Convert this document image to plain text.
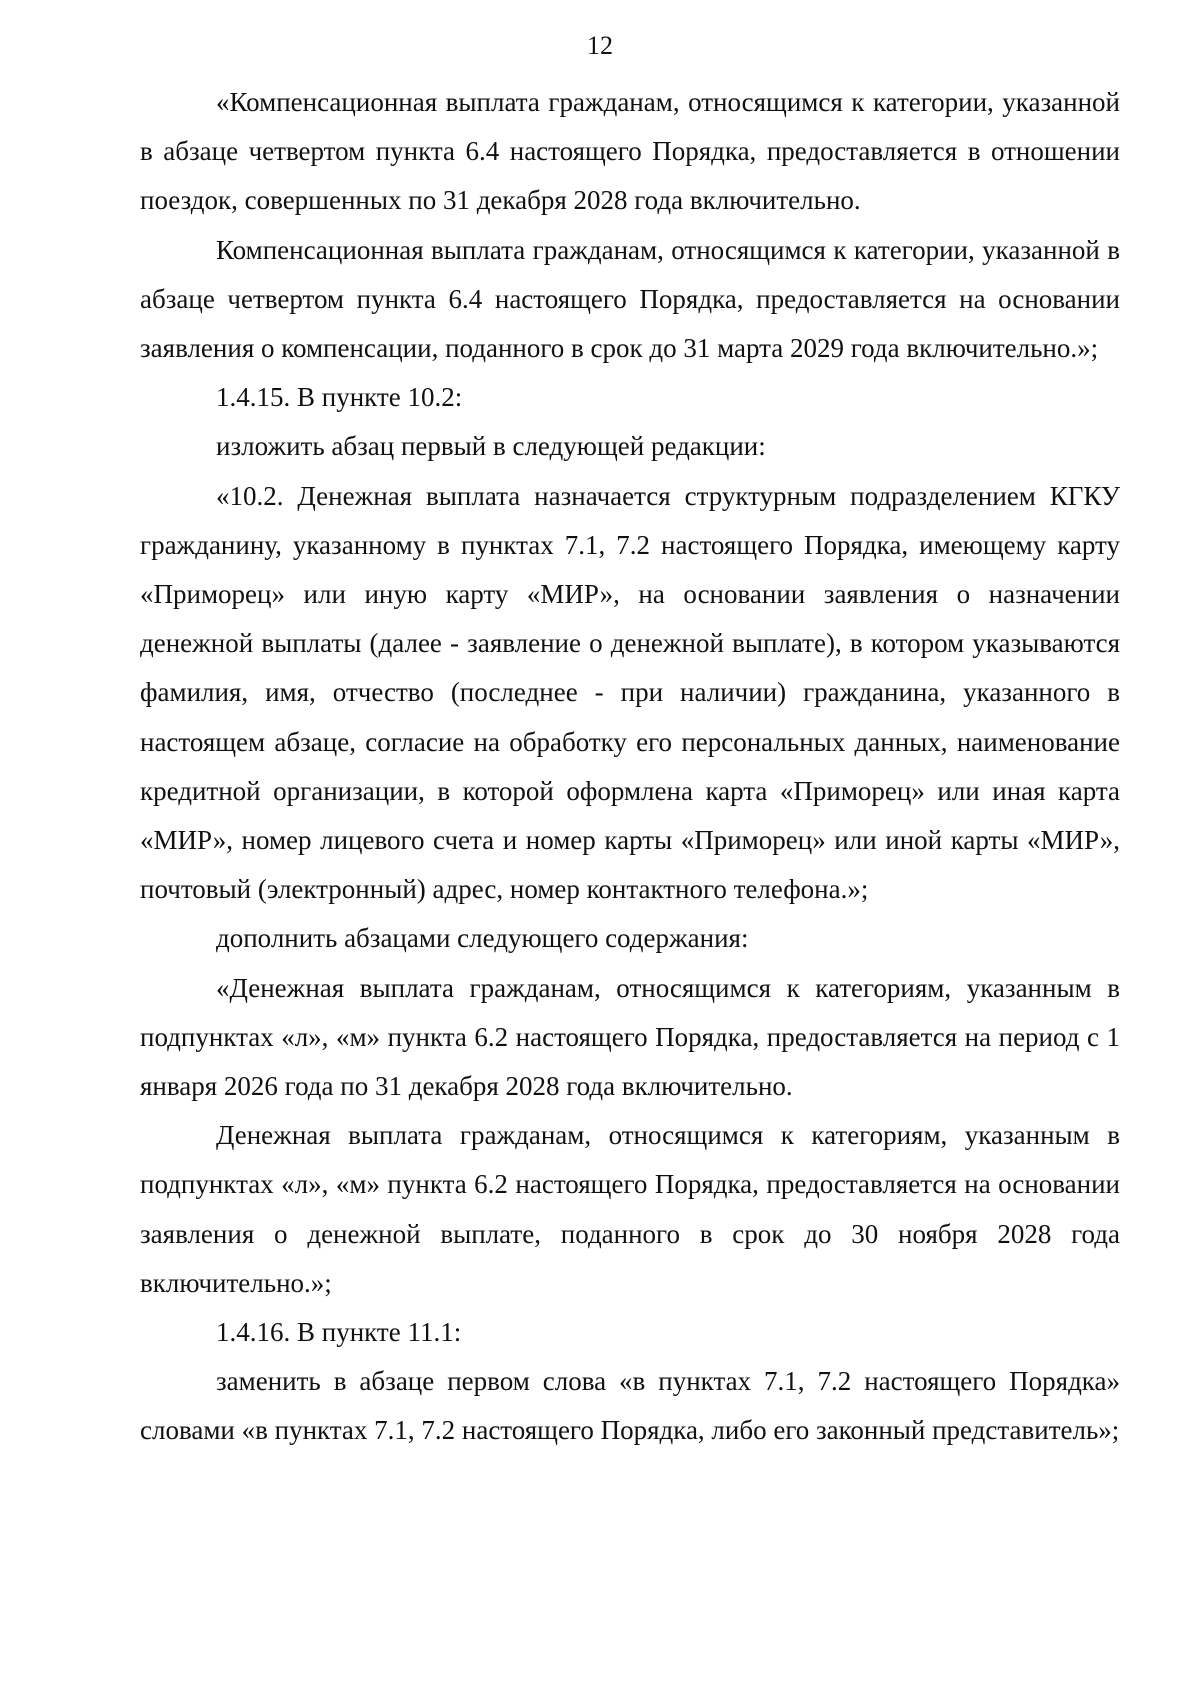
12

«Компенсационная выплата гражданам, относящимся к категории, указанной в абзаце четвертом пункта 6.4 настоящего Порядка, предоставляется в отношении поездок, совершенных по 31 декабря 2028 года включительно.

Компенсационная выплата гражданам, относящимся к категории, указанной в абзаце четвертом пункта 6.4 настоящего Порядка, предоставляется на основании заявления о компенсации, поданного в срок до 31 марта 2029 года включительно.»;

1.4.15. В пункте 10.2:

изложить абзац первый в следующей редакции:

«10.2. Денежная выплата назначается структурным подразделением КГКУ гражданину, указанному в пунктах 7.1, 7.2 настоящего Порядка, имеющему карту «Приморец» или иную карту «МИР», на основании заявления о назначении денежной выплаты (далее - заявление о денежной выплате), в котором указываются фамилия, имя, отчество (последнее - при наличии) гражданина, указанного в настоящем абзаце, согласие на обработку его персональных данных, наименование кредитной организации, в которой оформлена карта «Приморец» или иная карта «МИР», номер лицевого счета и номер карты «Приморец» или иной карты «МИР», почтовый (электронный) адрес, номер контактного телефона.»;

дополнить абзацами следующего содержания:

«Денежная выплата гражданам, относящимся к категориям, указанным в подпунктах «л», «м» пункта 6.2 настоящего Порядка, предоставляется на период с 1 января 2026 года по 31 декабря 2028 года включительно.

Денежная выплата гражданам, относящимся к категориям, указанным в подпунктах «л», «м» пункта 6.2 настоящего Порядка, предоставляется на основании заявления о денежной выплате, поданного в срок до 30 ноября 2028 года включительно.»;

1.4.16. В пункте 11.1:

заменить в абзаце первом слова «в пунктах 7.1, 7.2 настоящего Порядка» словами «в пунктах 7.1, 7.2 настоящего Порядка, либо его законный представитель»;
